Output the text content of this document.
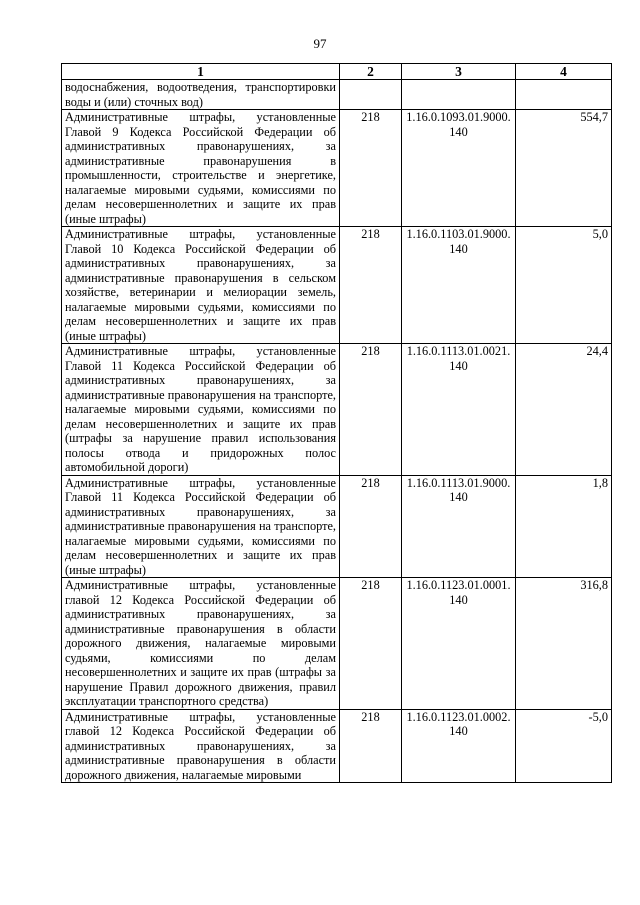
97
1	2	3	4
водоснабжения, водоотведения, транспортировки воды и (или) сточных вод)			
Административные штрафы, установленные Главой 9 Кодекса Российской Федерации об административных правонарушениях, за административные правонарушения в промышленности, строительстве и энергетике, налагаемые мировыми судьями, комиссиями по делам несовершеннолетних и защите их прав (иные штрафы)	218	1.16.0.1093.01.9000. 140	554,7
Административные штрафы, установленные Главой 10 Кодекса Российской Федерации об административных правонарушениях, за административные правонарушения в сельском хозяйстве, ветеринарии и мелиорации земель, налагаемые мировыми судьями, комиссиями по делам несовершеннолетних и защите их прав (иные штрафы)	218	1.16.0.1103.01.9000. 140	5,0
Административные штрафы, установленные Главой 11 Кодекса Российской Федерации об административных правонарушениях, за административные правонарушения на транспорте, налагаемые мировыми судьями, комиссиями по делам несовершеннолетних и защите их прав (штрафы за нарушение правил использования полосы отвода и придорожных полос автомобильной дороги)	218	1.16.0.1113.01.0021. 140	24,4
Административные штрафы, установленные Главой 11 Кодекса Российской Федерации об административных правонарушениях, за административные правонарушения на транспорте, налагаемые мировыми судьями, комиссиями по делам несовершеннолетних и защите их прав (иные штрафы)	218	1.16.0.1113.01.9000. 140	1,8
Административные штрафы, установленные главой 12 Кодекса Российской Федерации об административных правонарушениях, за административные правонарушения в области дорожного движения, налагаемые мировыми судьями, комиссиями по делам несовершеннолетних и защите их прав (штрафы за нарушение Правил дорожного движения, правил эксплуатации транспортного средства)	218	1.16.0.1123.01.0001. 140	316,8
Административные штрафы, установленные главой 12 Кодекса Российской Федерации об административных правонарушениях, за административные правонарушения в области дорожного движения, налагаемые мировыми	218	1.16.0.1123.01.0002. 140	-5,0
